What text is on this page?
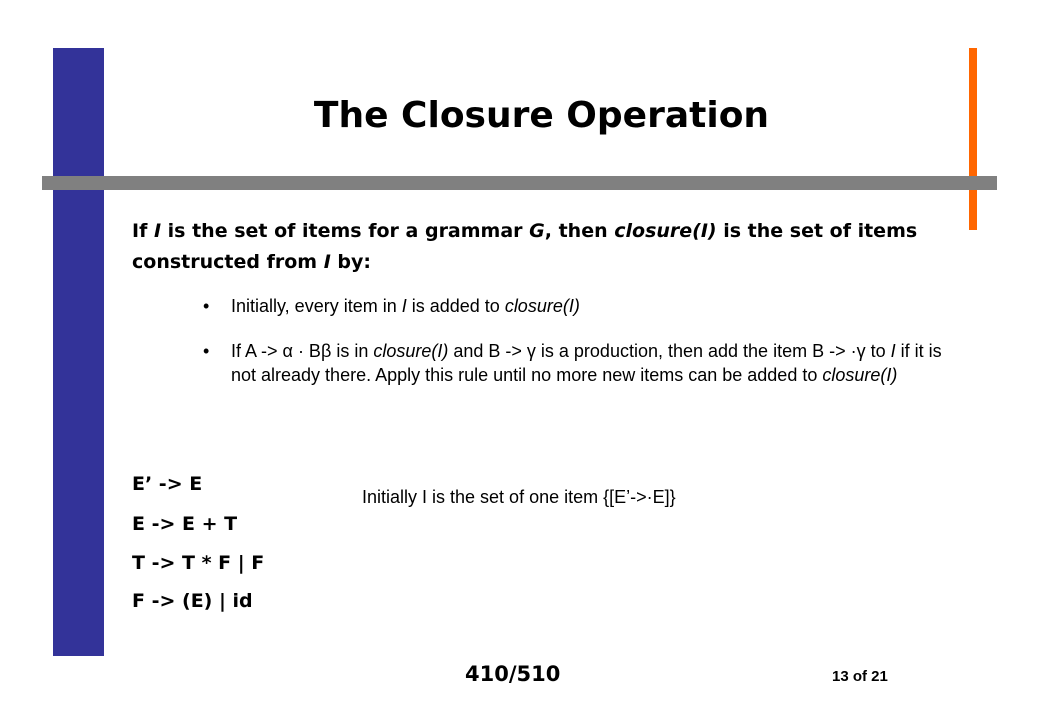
The Closure Operation
If I is the set of items for a grammar G, then closure(I) is the set of items constructed from I by:
• Initially, every item in I is added to closure(I)
• If A -> α · Bβ is in closure(I) and B -> γ is a production, then add the item B -> ·γ to I if it is not already there. Apply this rule until no more new items can be added to closure(I)
E’ -> E
E -> E + T
T -> T * F | F
F -> (E) | id
Initially I is the set of one item {[E’->·E]}
410/510	13 of 21
